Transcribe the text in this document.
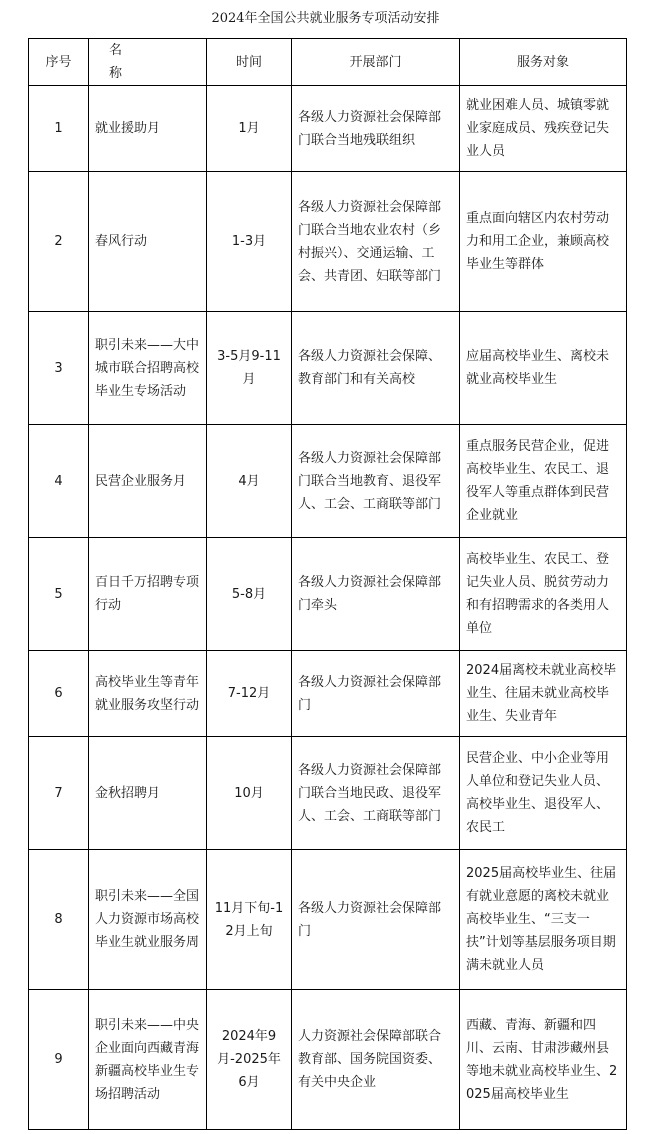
2024年全国公共就业服务专项活动安排
序号	名称	时间	开展部门	服务对象
1	就业援助月	1月	各级人力资源社会保障部门联合当地残联组织	就业困难人员、城镇零就业家庭成员、残疾登记失业人员
2	春风行动	1-3月	各级人力资源社会保障部门联合当地农业农村（乡村振兴）、交通运输、工会、共青团、妇联等部门	重点面向辖区内农村劳动力和用工企业，兼顾高校毕业生等群体
3	职引未来——大中城市联合招聘高校毕业生专场活动	3-5月9-11月	各级人力资源社会保障、教育部门和有关高校	应届高校毕业生、离校未就业高校毕业生
4	民营企业服务月	4月	各级人力资源社会保障部门联合当地教育、退役军人、工会、工商联等部门	重点服务民营企业，促进高校毕业生、农民工、退役军人等重点群体到民营企业就业
5	百日千万招聘专项行动	5-8月	各级人力资源社会保障部门牵头	高校毕业生、农民工、登记失业人员、脱贫劳动力和有招聘需求的各类用人单位
6	高校毕业生等青年就业服务攻坚行动	7-12月	各级人力资源社会保障部门	2024届离校未就业高校毕业生、往届未就业高校毕业生、失业青年
7	金秋招聘月	10月	各级人力资源社会保障部门联合当地民政、退役军人、工会、工商联等部门	民营企业、中小企业等用人单位和登记失业人员、高校毕业生、退役军人、农民工
8	职引未来——全国人力资源市场高校毕业生就业服务周	11月下旬-12月上旬	各级人力资源社会保障部门	2025届高校毕业生、往届有就业意愿的离校未就业高校毕业生、“三支一扶”计划等基层服务项目期满未就业人员
9	职引未来——中央企业面向西藏青海新疆高校毕业生专场招聘活动	2024年9月-2025年6月	人力资源社会保障部联合教育部、国务院国资委、有关中央企业	西藏、青海、新疆和四川、云南、甘肃涉藏州县等地未就业高校毕业生、2025届高校毕业生
